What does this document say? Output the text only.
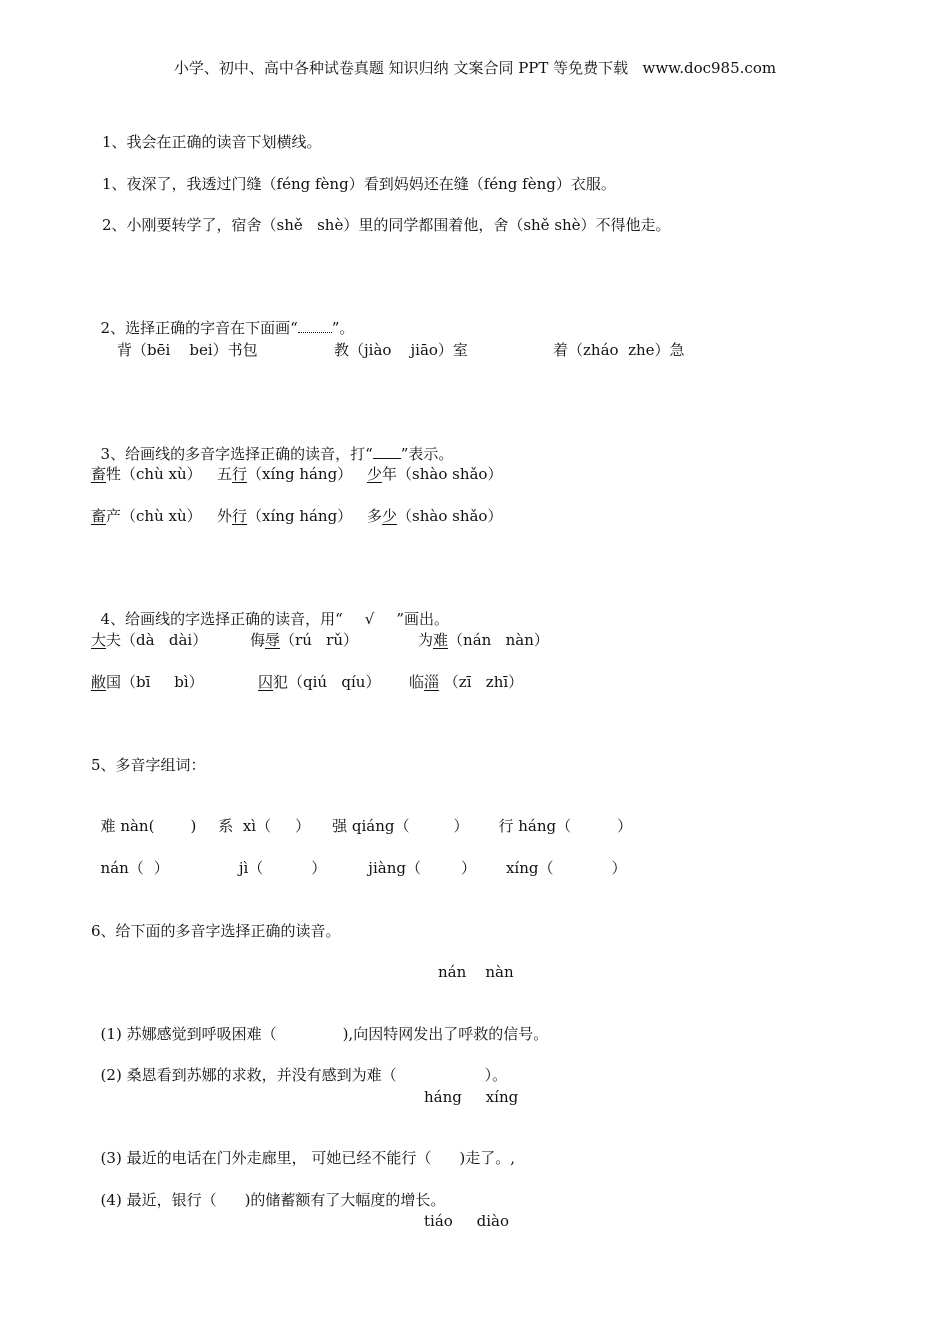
小学、初中、高中各种试卷真题 知识归纳 文案合同 PPT 等免费下载   www.doc985.com
1、我会在正确的读音下划横线。
1、夜深了，我透过门缝（féng fèng）看到妈妈还在缝（féng fèng）衣服。
2、小刚要转学了，宿舍（shě   shè）里的同学都围着他，舍（shě shè）不得他走。

2、选择正确的字音在下面画“ ”。

背（bēi    bei）书包	教（jiào    jiāo）室	着（zháo  zhe）急

3、给画线的多音字选择正确的读音，打“ ”表示。

畜牲（chù xù） 五行（xíng háng） 少年（shào shǎo）
畜产（chù xù） 外行（xíng háng） 多少（shào shǎo）

4、给画线的字选择正确的读音，用“ √ ”画出。

大夫（dà   dài）	侮辱（rú   rǔ）	为难（nán   nàn）
敝国（bī     bì）	囚犯（qiú   qíu） 临淄 （zī   zhī）
5、多音字组词：

难 nàn( ) 系  xì（ ） 强 qiáng（	） 行 háng（	）

nán（ ）	jì（	）	jiàng（	） xíng（	）

6、给下面的多音字选择正确的读音。
nán    nàn

(1) 苏娜感觉到呼吸困难（	),向因特网发出了呼救的信号。

(2) 桑恩看到苏娜的求救，并没有感到为难（	）。

háng     xíng

(3) 最近的电话在门外走廊里， 可她已经不能行（ )走了。,

(4) 最近，银行（ )的储蓄额有了大幅度的增长。

tiáo     diào
